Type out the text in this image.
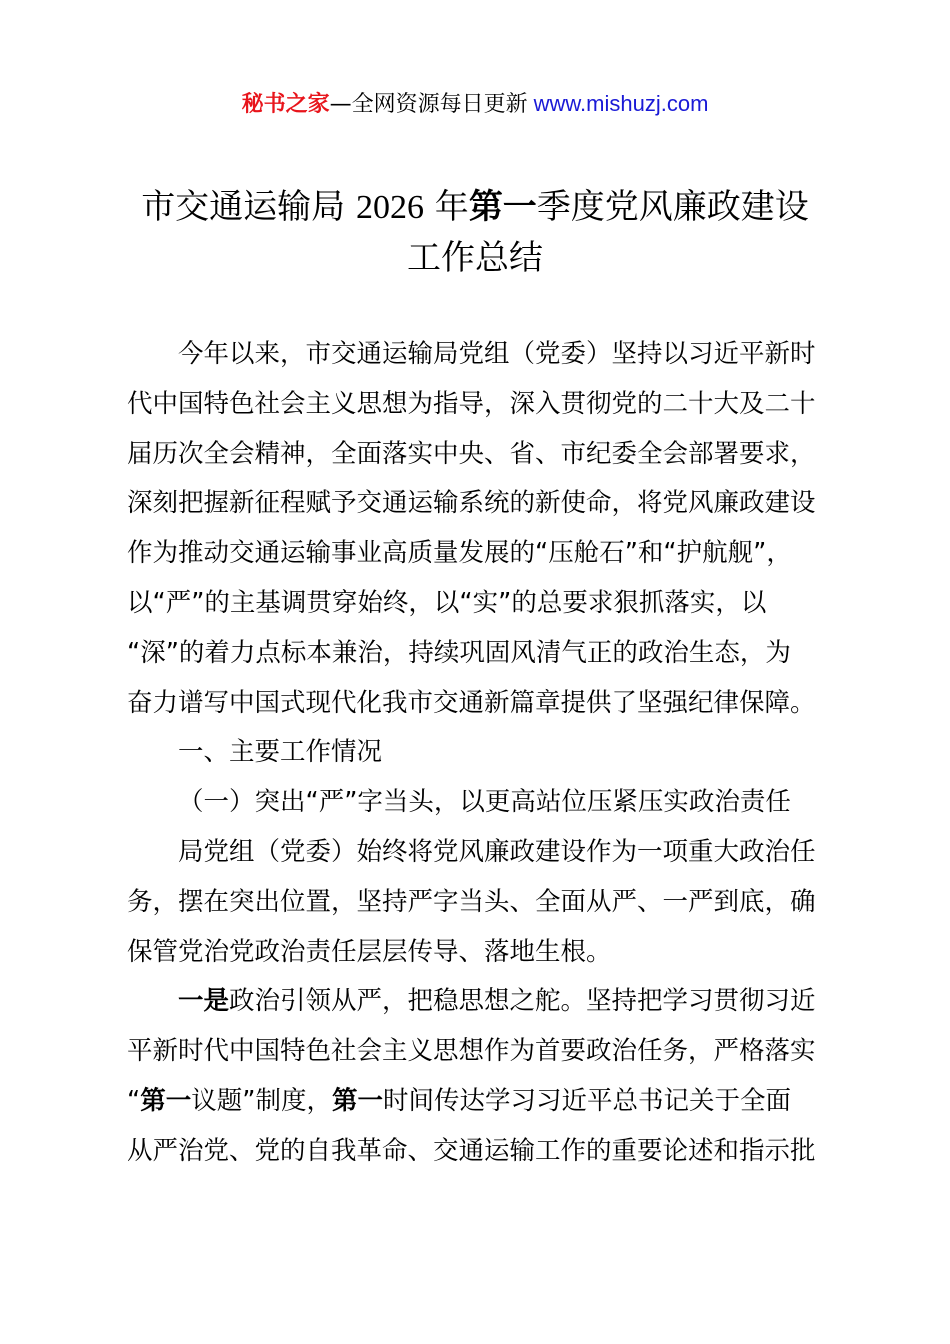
秘书之家—全网资源每日更新 www.mishuzj.com
市交通运输局 2026 年第一季度党风廉政建设
工作总结
今年以来，市交通运输局党组（党委）坚持以习近平新时
代中国特色社会主义思想为指导，深入贯彻党的二十大及二十
届历次全会精神，全面落实中央、省、市纪委全会部署要求，
深刻把握新征程赋予交通运输系统的新使命，将党风廉政建设
作为推动交通运输事业高质量发展的“压舱石”和“护航舰”，
以“严”的主基调贯穿始终，以“实”的总要求狠抓落实，以
“深”的着力点标本兼治，持续巩固风清气正的政治生态，为
奋力谱写中国式现代化我市交通新篇章提供了坚强纪律保障。
一、主要工作情况
（一）突出“严”字当头，以更高站位压紧压实政治责任
局党组（党委）始终将党风廉政建设作为一项重大政治任
务，摆在突出位置，坚持严字当头、全面从严、一严到底，确
保管党治党政治责任层层传导、落地生根。
一是政治引领从严，把稳思想之舵。坚持把学习贯彻习近
平新时代中国特色社会主义思想作为首要政治任务，严格落实
“第一议题”制度，第一时间传达学习习近平总书记关于全面
从严治党、党的自我革命、交通运输工作的重要论述和指示批
